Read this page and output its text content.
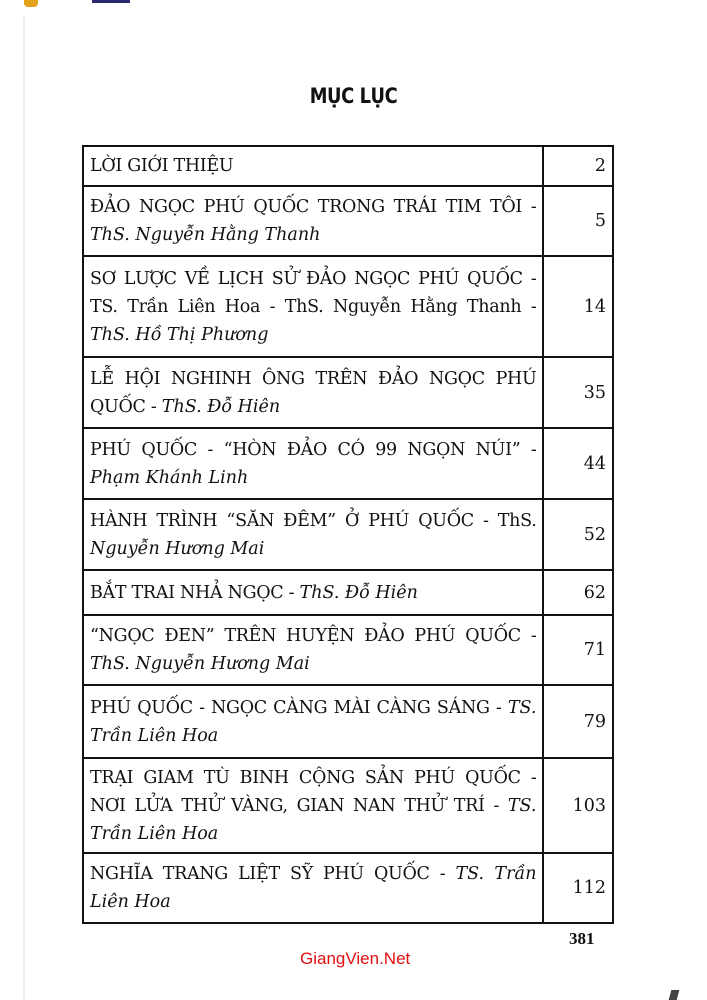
MỤC LỤC
LỜI GIỚI THIỆU	2
ĐẢO NGỌC PHÚ QUỐC TRONG TRÁI TIM TÔI - ThS. Nguyễn Hằng Thanh	5
SƠ LƯỢC VỀ LỊCH SỬ ĐẢO NGỌC PHÚ QUỐC - TS. Trần Liên Hoa - ThS. Nguyễn Hằng Thanh - ThS. Hồ Thị Phương	14
LỄ HỘI NGHINH ÔNG TRÊN ĐẢO NGỌC PHÚ QUỐC - ThS. Đỗ Hiên	35
PHÚ QUỐC - “HÒN ĐẢO CÓ 99 NGỌN NÚI” - Phạm Khánh Linh	44
HÀNH TRÌNH “SĂN ĐÊM” Ở PHÚ QUỐC - ThS. Nguyễn Hương Mai	52
BẮT TRAI NHẢ NGỌC - ThS. Đỗ Hiên	62
“NGỌC ĐEN” TRÊN HUYỆN ĐẢO PHÚ QUỐC - ThS. Nguyễn Hương Mai	71
PHÚ QUỐC - NGỌC CÀNG MÀI CÀNG SÁNG - TS. Trần Liên Hoa	79
TRẠI GIAM TÙ BINH CỘNG SẢN PHÚ QUỐC - NƠI LỬA THỬ VÀNG, GIAN NAN THỬ TRÍ - TS. Trần Liên Hoa	103
NGHĨA TRANG LIỆT SỸ PHÚ QUỐC - TS. Trần Liên Hoa	112
381
GiangVien.Net
